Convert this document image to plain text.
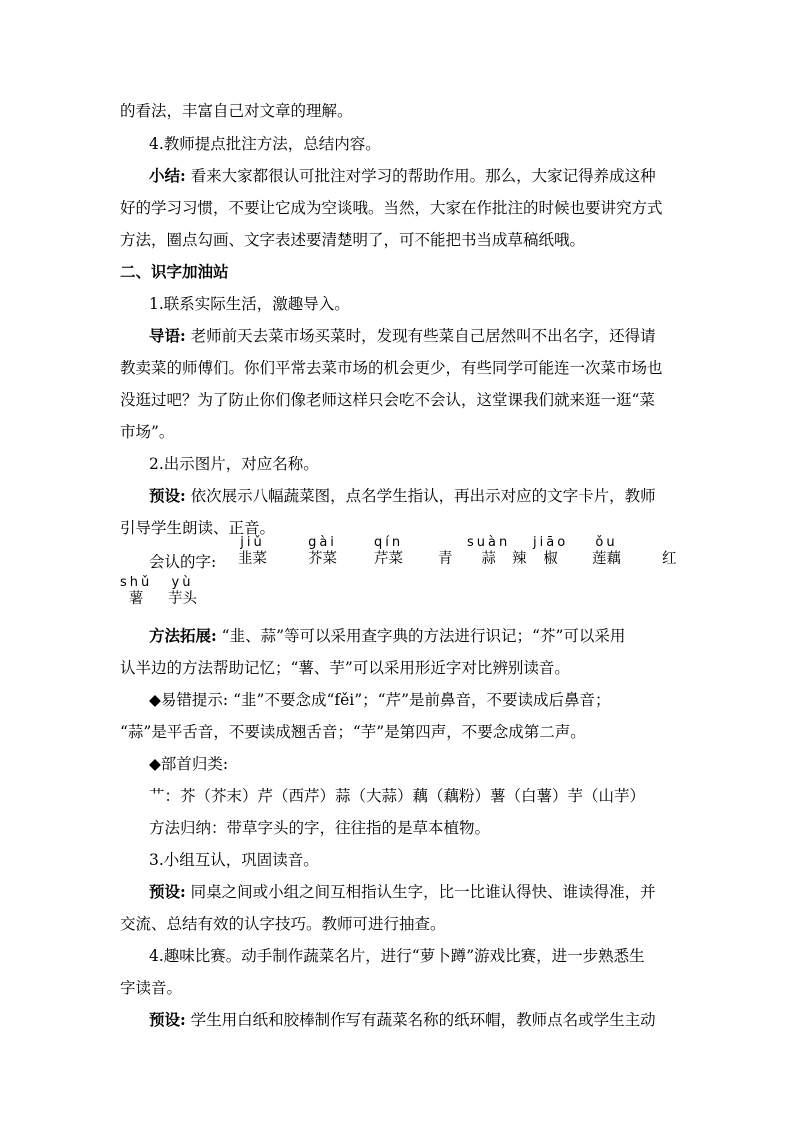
的看法，丰富自己对文章的理解。
4.教师提点批注方法，总结内容。
小结: 看来大家都很认可批注对学习的帮助作用。那么，大家记得养成这种
好的学习习惯，不要让它成为空谈哦。当然，大家在作批注的时候也要讲究方式
方法，圈点勾画、文字表述要清楚明了，可不能把书当成草稿纸哦。
二、识字加油站
1.联系实际生活，激趣导入。
导语: 老师前天去菜市场买菜时，发现有些菜自己居然叫不出名字，还得请
教卖菜的师傅们。你们平常去菜市场的机会更少，有些同学可能连一次菜市场也
没逛过吧？为了防止你们像老师这样只会吃不会认，这堂课我们就来逛一逛“菜
市场”。
2.出示图片，对应名称。
预设: 依次展示八幅蔬菜图，点名学生指认，再出示对应的文字卡片，教师
引导学生朗读、正音。
会认的字:
jiǔ
韭菜
gài
芥菜
qín
芹菜 青
suàn
蒜	辣
jiāo
椒
ǒu
莲藕	红
shǔ
薯
yù
芋头
方法拓展: “韭、蒜”等可以采用查字典的方法进行识记；“芥”可以采用
认半边的方法帮助记忆；“薯、芋”可以采用形近字对比辨别读音。
◆易错提示: “韭”不要念成“fěi”；“芹”是前鼻音，不要读成后鼻音；
“蒜”是平舌音，不要读成翘舌音；“芋”是第四声，不要念成第二声。
◆部首归类:
艹：芥（芥末）芹（西芹）蒜（大蒜）藕（藕粉）薯（白薯）芋（山芋）
方法归纳：带草字头的字，往往指的是草本植物。
3.小组互认，巩固读音。
预设: 同桌之间或小组之间互相指认生字，比一比谁认得快、谁读得准，并
交流、总结有效的认字技巧。教师可进行抽查。
4.趣味比赛。动手制作蔬菜名片，进行“萝卜蹲”游戏比赛，进一步熟悉生
字读音。
预设: 学生用白纸和胶棒制作写有蔬菜名称的纸环帽，教师点名或学生主动
